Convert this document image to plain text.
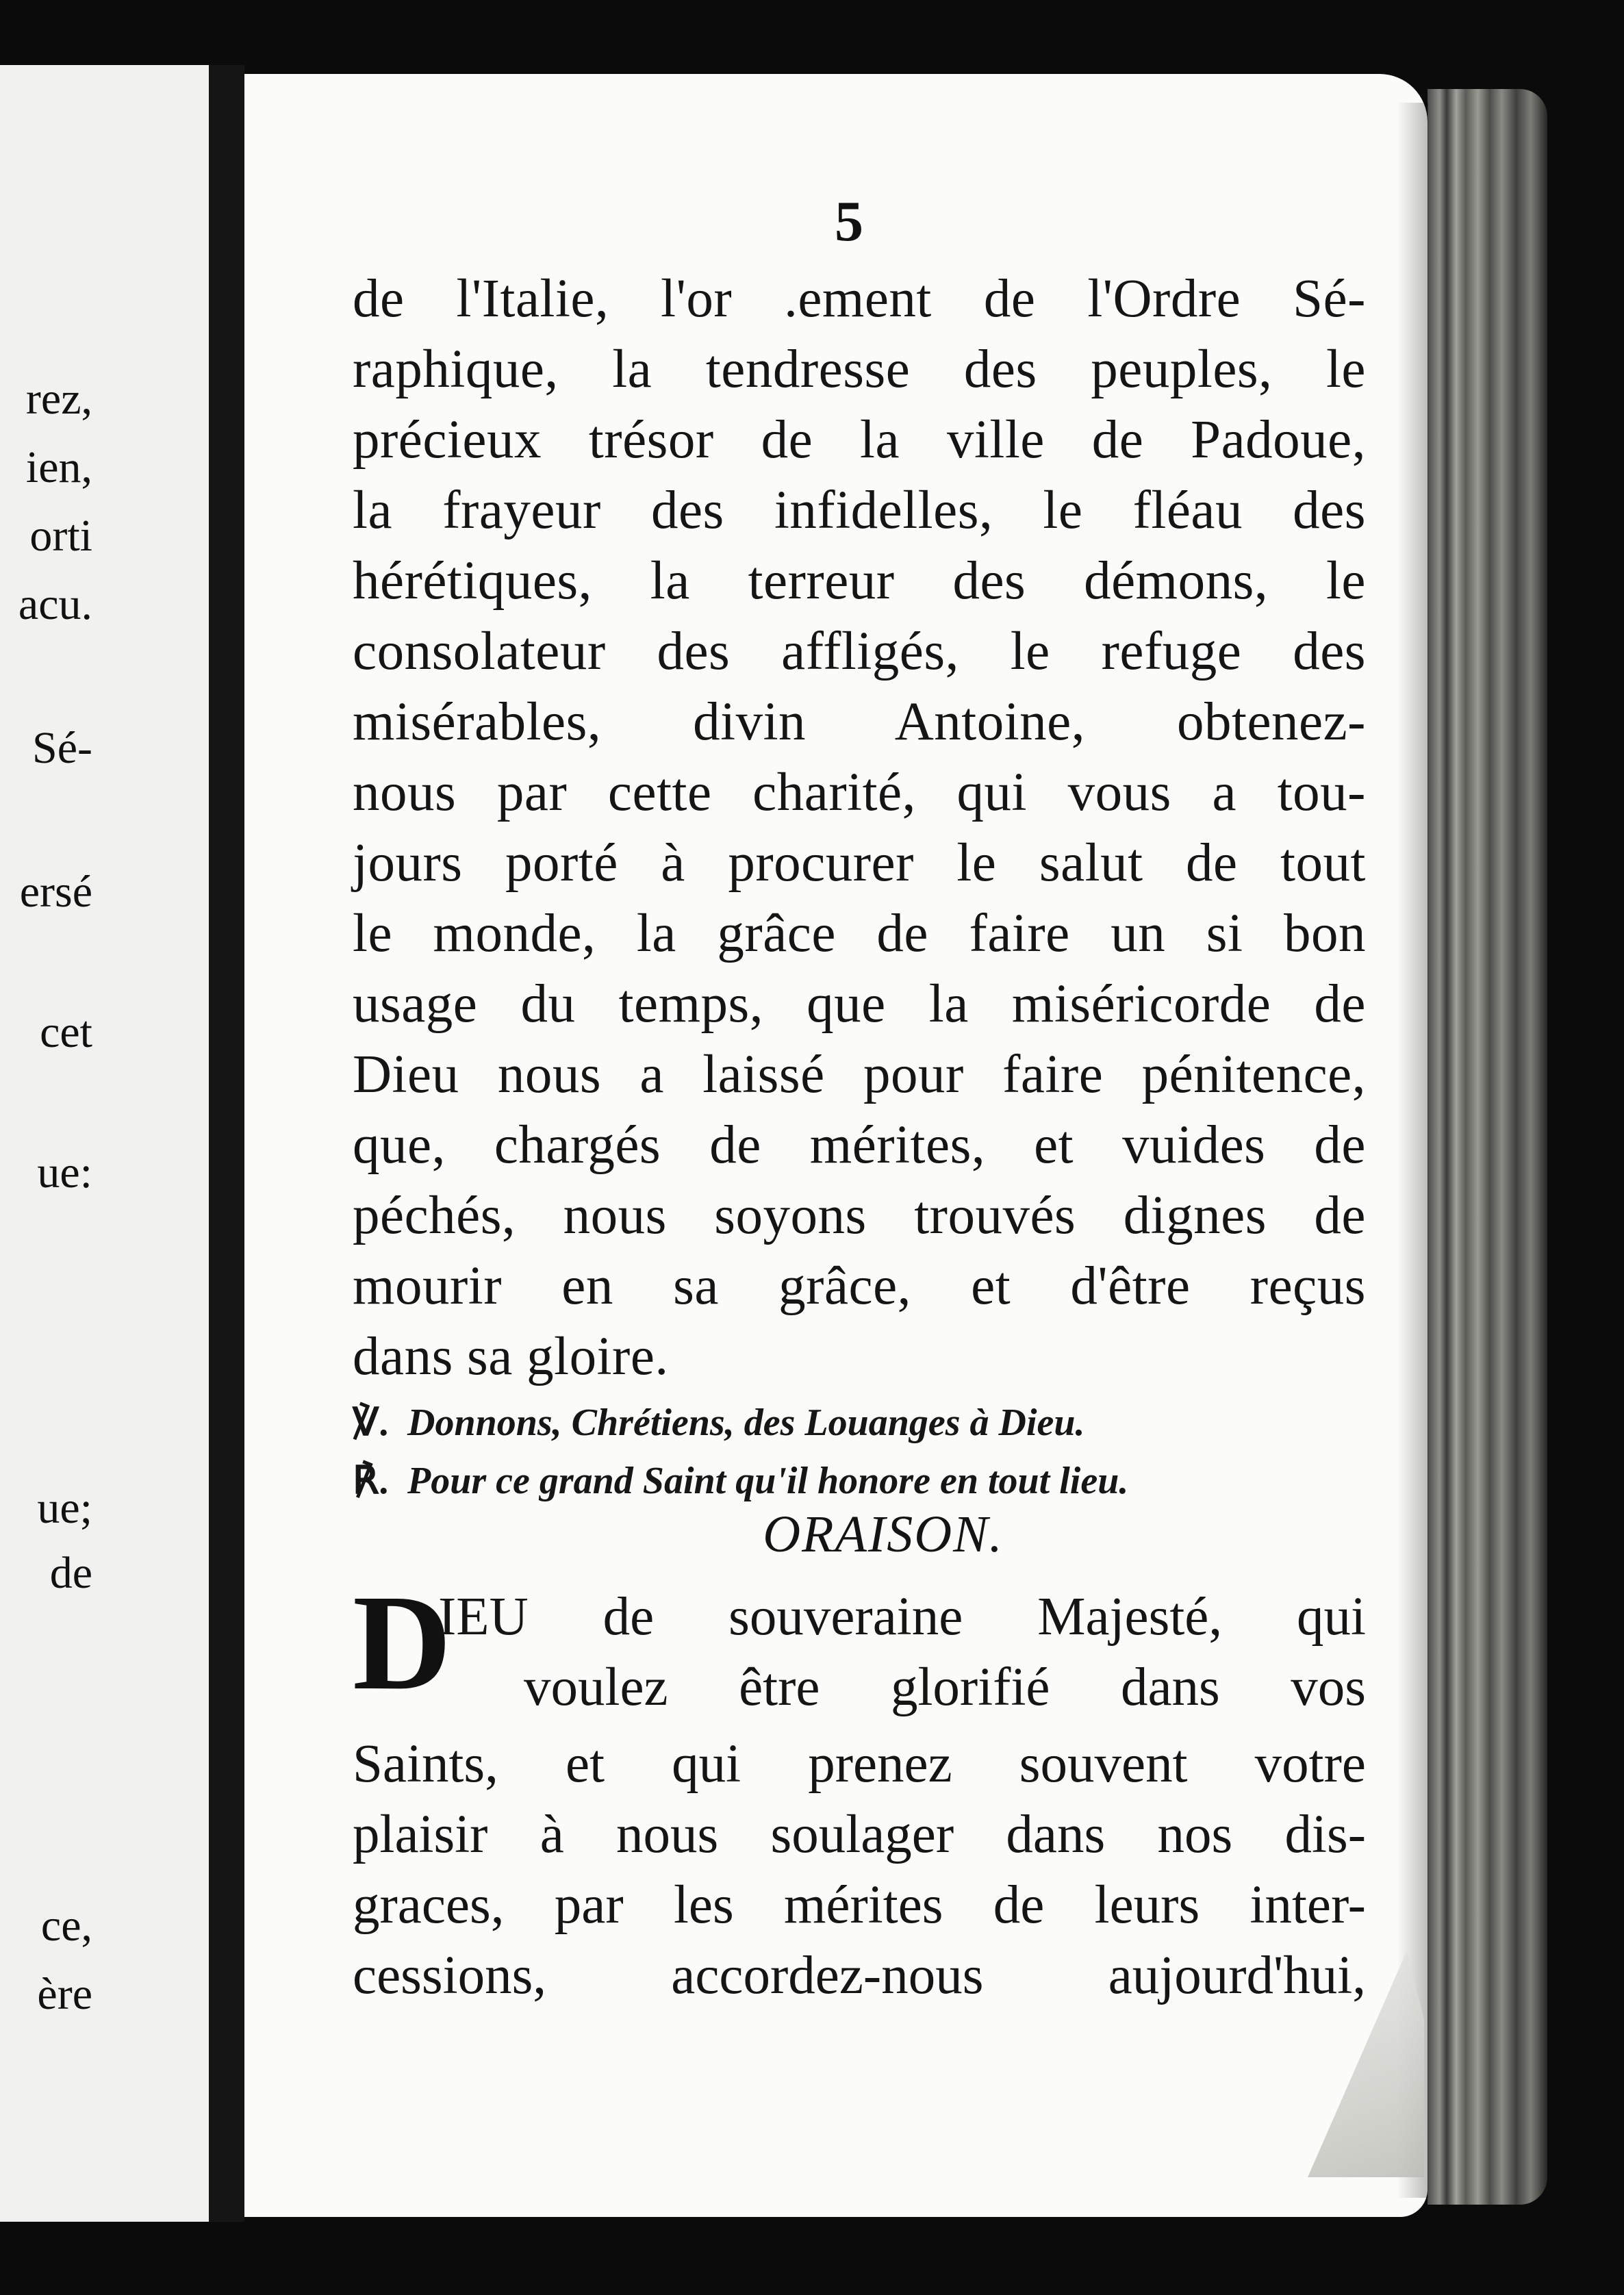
rez,
ien,
orti
acu.
Sé-
ersé
cet
ue:
ue;
de
ce,
ère
5
de l'Italie, l'or .ement de l'Ordre Sé-
raphique, la tendresse des peuples, le
précieux trésor de la ville de Padoue,
la frayeur des infidelles, le fléau des
hérétiques, la terreur des démons, le
consolateur des affligés, le refuge des
misérables, divin Antoine, obtenez-
nous par cette charité, qui vous a tou-
jours porté à procurer le salut de tout
le monde, la grâce de faire un si bon
usage du temps, que la miséricorde de
Dieu nous a laissé pour faire pénitence,
que, chargés de mérites, et vuides de
péchés, nous soyons trouvés dignes de
mourir en sa grâce, et d'être reçus
dans sa gloire.
℣. Donnons, Chrétiens, des Louanges à Dieu.
℟. Pour ce grand Saint qu'il honore en tout lieu.
ORAISON.
D
IEU de souveraine Majesté, qui
voulez être glorifié dans vos
Saints, et qui prenez souvent votre
plaisir à nous soulager dans nos dis-
graces, par les mérites de leurs inter-
cessions, accordez-nous aujourd'hui,
